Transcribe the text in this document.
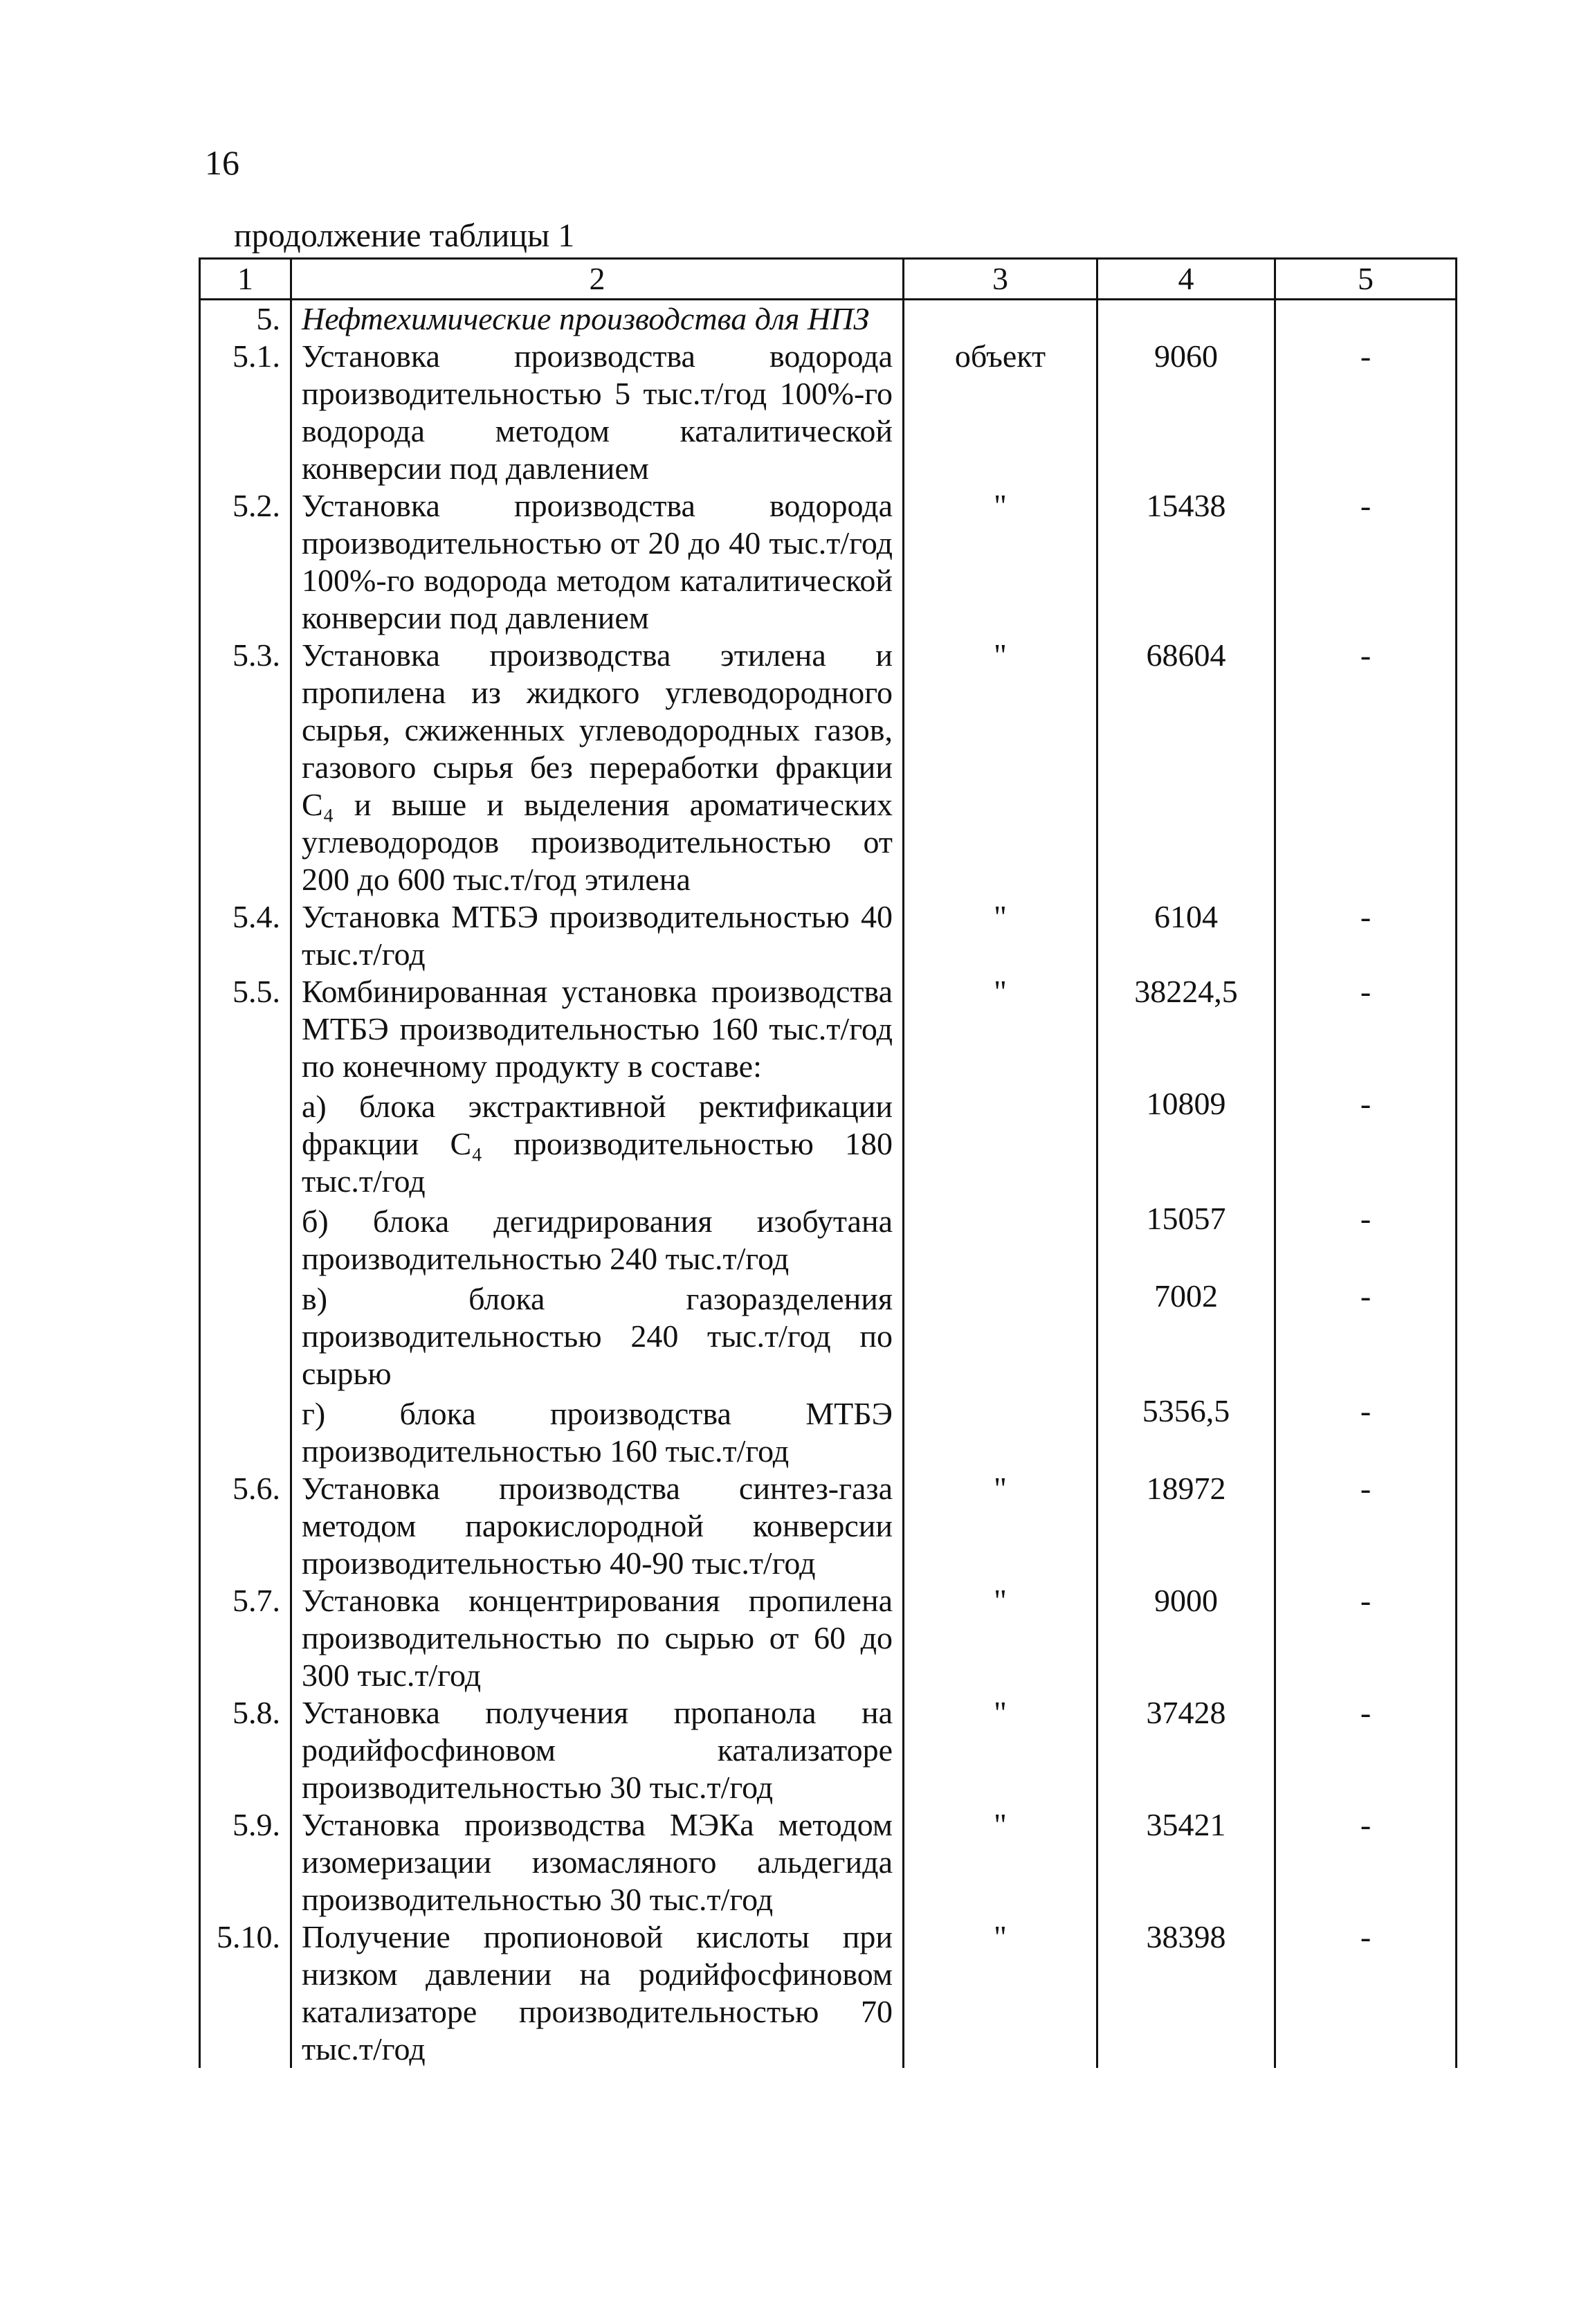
16
продолжение таблицы 1
1	2	3	4	5
5.	Нефтехимические производства для НПЗ			
5.1.	Установка производства водорода производительностью 5 тыс.т/год 100%-го водорода методом каталитической конверсии под давлением	объект	9060	-
5.2.	Установка производства водорода производительностью от 20 до 40 тыс.т/год 100%-го водорода методом каталитической конверсии под давлением	"	15438	-
5.3.	Установка производства этилена и пропилена из жидкого углеводородного сырья, сжиженных углеводородных газов, газового сырья без переработки фракции C₄ и выше и выделения ароматических углеводородов производительностью от 200 до 600 тыс.т/год этилена	"	68604	-
5.4.	Установка МТБЭ производительностью 40 тыс.т/год	"	6104	-
5.5.	Комбинированная установка производства МТБЭ производительностью 160 тыс.т/год по конечному продукту в составе:	"	38224,5	-
	а) блока экстрактивной ректификации фракции C₄ производительностью 180 тыс.т/год		10809	-
	б) блока дегидрирования изобутана производительностью 240 тыс.т/год		15057	-
	в) блока газоразделения производительностью 240 тыс.т/год по сырью		7002	-
	г) блока производства МТБЭ производительностью 160 тыс.т/год		5356,5	-
5.6.	Установка производства синтез-газа методом парокислородной конверсии производительностью 40-90 тыс.т/год	"	18972	-
5.7.	Установка концентрирования пропилена производительностью по сырью от 60 до 300 тыс.т/год	"	9000	-
5.8.	Установка получения пропанола на родийфосфиновом катализаторе производительностью 30 тыс.т/год	"	37428	-
5.9.	Установка производства МЭКа методом изомеризации изомасляного альдегида производительностью 30 тыс.т/год	"	35421	-
5.10.	Получение пропионовой кислоты при низком давлении на родийфосфиновом катализаторе производительностью 70 тыс.т/год	"	38398	-
